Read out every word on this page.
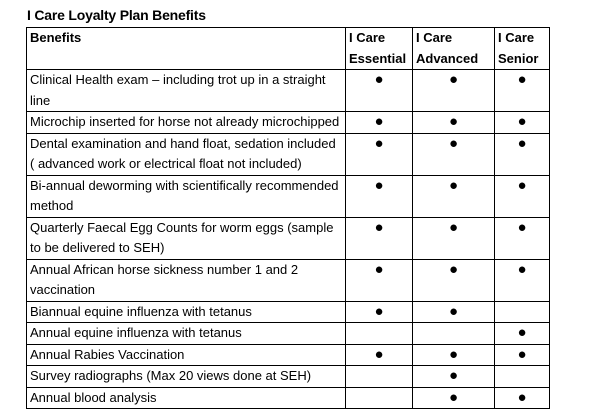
I Care Loyalty Plan Benefits
Benefits	I Care Essential	I Care Advanced	I Care Senior
Clinical Health exam – including trot up in a straight line	●	●	●
Microchip inserted for horse not already microchipped	●	●	●
Dental examination and hand float, sedation included ( advanced work or electrical float not included)	●	●	●
Bi-annual deworming with scientifically recommended method	●	●	●
Quarterly Faecal Egg Counts for worm eggs (sample to be delivered to SEH)	●	●	●
Annual African horse sickness number 1 and 2 vaccination	●	●	●
Biannual equine influenza with tetanus	●	●	
Annual equine influenza with tetanus			●
Annual Rabies Vaccination	●	●	●
Survey radiographs (Max 20 views done at SEH)		●	
Annual blood analysis		●	●
